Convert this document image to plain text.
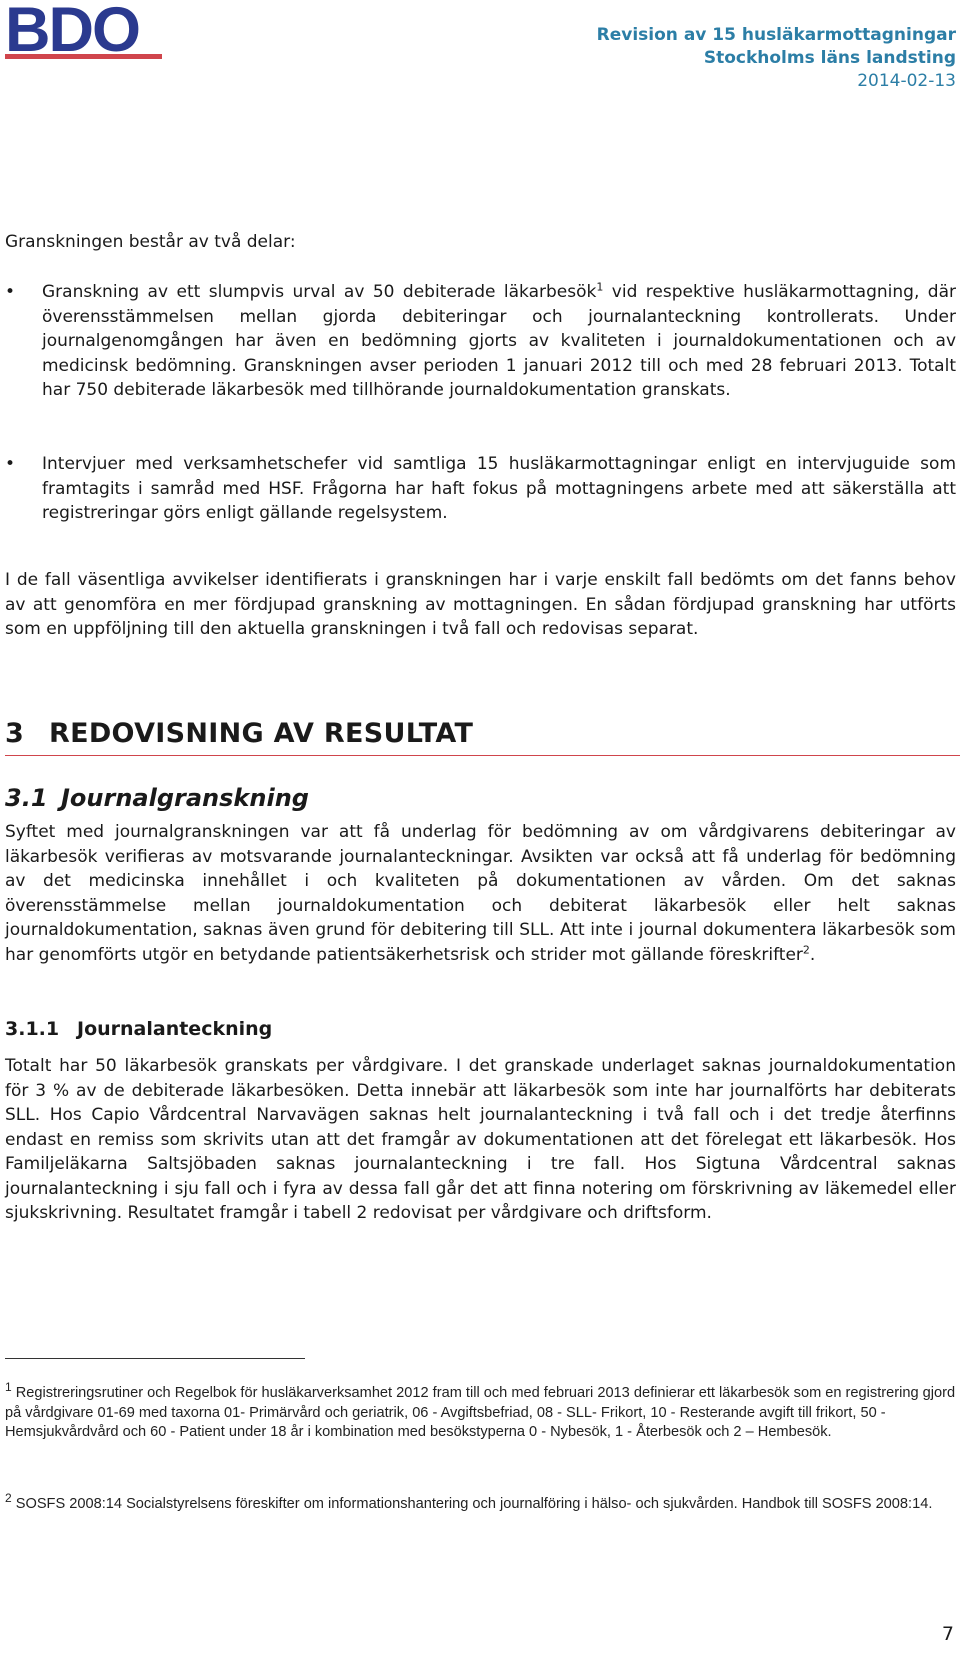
BDO	Revision av 15 husläkarmottagningar
Stockholms läns landsting
2014-02-13
Granskningen består av två delar:
• Granskning av ett slumpvis urval av 50 debiterade läkarbesök$^1$ vid respektive husläkarmottagning, där överensstämmelsen mellan gjorda debiteringar och journalanteckning kontrollerats. Under journalgenomgången har även en bedömning gjorts av kvaliteten i journaldokumentationen och av medicinsk bedömning. Granskningen avser perioden 1 januari 2012 till och med 28 februari 2013. Totalt har 750 debiterade läkarbesök med tillhörande journaldokumentation granskats.
• Intervjuer med verksamhetschefer vid samtliga 15 husläkarmottagningar enligt en intervjuguide som framtagits i samråd med HSF. Frågorna har haft fokus på mottagningens arbete med att säkerställa att registreringar görs enligt gällande regelsystem.
I de fall väsentliga avvikelser identifierats i granskningen har i varje enskilt fall bedömts om det fanns behov av att genomföra en mer fördjupad granskning av mottagningen. En sådan fördjupad granskning har utförts som en uppföljning till den aktuella granskningen i två fall och redovisas separat.
3 REDOVISNING AV RESULTAT
3.1 Journalgranskning
Syftet med journalgranskningen var att få underlag för bedömning av om vårdgivarens debiteringar av läkarbesök verifieras av motsvarande journalanteckningar. Avsikten var också att få underlag för bedömning av det medicinska innehållet i och kvaliteten på dokumentationen av vården. Om det saknas överensstämmelse mellan journaldokumentation och debiterat läkarbesök eller helt saknas journaldokumentation, saknas även grund för debitering till SLL. Att inte i journal dokumentera läkarbesök som har genomförts utgör en betydande patientsäkerhetsrisk och strider mot gällande föreskrifter$^2$.
3.1.1 Journalanteckning
Totalt har 50 läkarbesök granskats per vårdgivare. I det granskade underlaget saknas journaldokumentation för 3 % av de debiterade läkarbesöken. Detta innebär att läkarbesök som inte har journalförts har debiterats SLL. Hos Capio Vårdcentral Narvavägen saknas helt journalanteckning i två fall och i det tredje återfinns endast en remiss som skrivits utan att det framgår av dokumentationen att det förelegat ett läkarbesök. Hos Familjeläkarna Saltsjöbaden saknas journalanteckning i tre fall. Hos Sigtuna Vårdcentral saknas journalanteckning i sju fall och i fyra av dessa fall går det att finna notering om förskrivning av läkemedel eller sjukskrivning. Resultatet framgår i tabell 2 redovisat per vårdgivare och driftsform.
$^1$ Registreringsrutiner och Regelbok för husläkarverksamhet 2012 fram till och med februari 2013 definierar ett läkarbesök som en registrering gjord på vårdgivare 01-69 med taxorna 01- Primärvård och geriatrik, 06 - Avgiftsbefriad, 08 - SLL- Frikort, 10 - Resterande avgift till frikort, 50 - Hemsjukvårdvård och 60 - Patient under 18 år i kombination med besökstyperna 0 - Nybesök, 1 - Återbesök och 2 – Hembesök.
$^2$ SOSFS 2008:14 Socialstyrelsens föreskifter om informationshantering och journalföring i hälso- och sjukvården. Handbok till SOSFS 2008:14.
7
